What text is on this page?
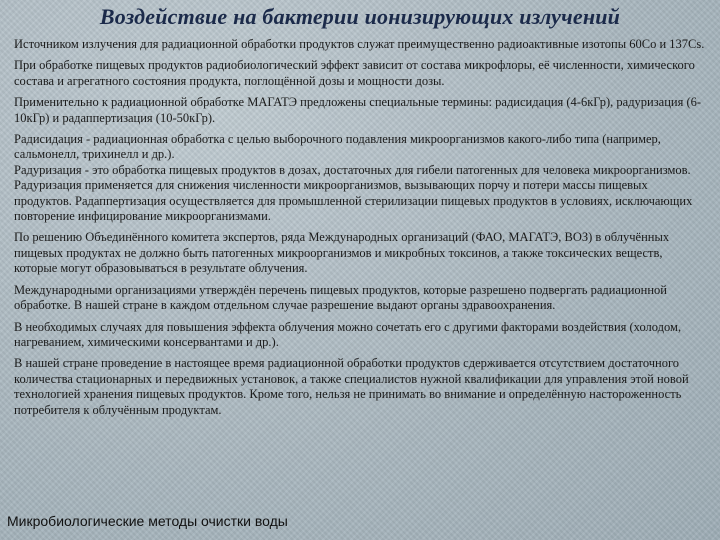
Воздействие на бактерии ионизирующих излучений

Источником излучения для радиационной обработки продуктов служат преимущественно радиоактивные изотопы 60Со и 137Cs.

При обработке пищевых продуктов радиобиологический эффект зависит от состава микрофлоры, её численности, химического состава и агрегатного состояния продукта, поглощённой дозы и мощности дозы.

Применительно к радиационной обработке МАГАТЭ предложены специальные термины: радисидация (4-6кГр), радуризация (6-10кГр) и радаппертизация (10-50кГр).

Радисидация - радиационная обработка с целью выборочного подавления микроорганизмов какого-либо типа (например, сальмонелл, трихинелл и др.).

Радуризация - это обработка пищевых продуктов в дозах, достаточных для гибели патогенных для человека микроорганизмов. Радуризация применяется для снижения численности микроорганизмов, вызывающих порчу и потери массы пищевых продуктов. Радаппертизация осуществляется для промышленной стерилизации пищевых продуктов в условиях, исключающих повторение инфицирование микроорганизмами.

По решению Объединённого комитета экспертов, ряда Международных организаций (ФАО, МАГАТЭ, ВОЗ) в облучённых пищевых продуктах не должно быть патогенных микроорганизмов и микробных токсинов, а также токсических веществ, которые могут образовываться в результате облучения.

Международными организациями утверждён перечень пищевых продуктов, которые разрешено подвергать радиационной обработке. В нашей стране в каждом отдельном случае разрешение выдают органы здравоохранения.

В необходимых случаях для повышения эффекта облучения можно сочетать его с другими факторами воздействия (холодом, нагреванием, химическими консервантами и др.).

В нашей стране проведение в настоящее время радиационной обработки продуктов сдерживается отсутствием достаточного количества стационарных и передвижных установок, а также специалистов нужной квалификации для управления этой новой технологией хранения пищевых продуктов. Кроме того, нельзя не принимать во внимание и определённую настороженность потребителя к облучённым продуктам.

Микробиологические методы очистки воды
